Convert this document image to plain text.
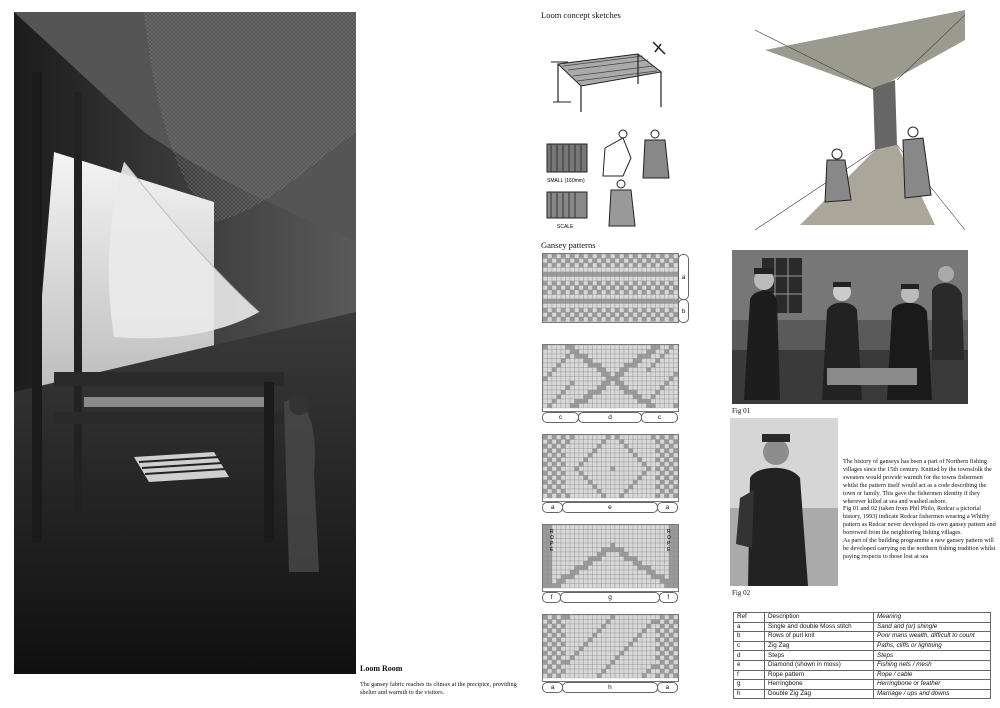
Loom Room
The gansey fabric reaches its climax at the precipice, providing shelter and warmth to the visitors.
Loom concept sketches
SMALL (160mm)
SCALE
Gansey patterns
a
b
c	d	c
a	e	a
R
O
P
E
R
O
P
E
f	g	f
a	h	a
Fig 01
Fig 02
The history of ganseys has been a part of Northern fishing villages since the 15th century. Knitted by the townsfolk the sweaters would provide warmth for the towns fishermen whilst the pattern itself would act as a code describing the town or family. This gave the fishermen identity if they wherever killed at sea and washed ashore.
Fig 01 and 02 (taken from Phil Philo, Redcar a pictorial history, 1993) indicate Redcar fishermen wearing a Whitby pattern as Redcar never developed its own gansey pattern and borrowed from the neighboring fishing villages.
As part of the building programme a new gansey pattern will be developed carrying on the northern fishing tradition whilst paying respects to those lost at sea
Ref	Description	Meaning
a	Single and double Moss stitch	Sand and (or) shingle
b	Rows of purl knit	Poor mans wealth, difficult to count
c	Zig Zag	Paths, cliffs or lightning
d	Steps	Steps
e	Diamond (shown in moss)	Fishing nets / mesh
f	Rope pattern	Rope / cable
g	Herringbone	Herringbone or feather
h	Double Zig Zag	Marriage / ups and downs
